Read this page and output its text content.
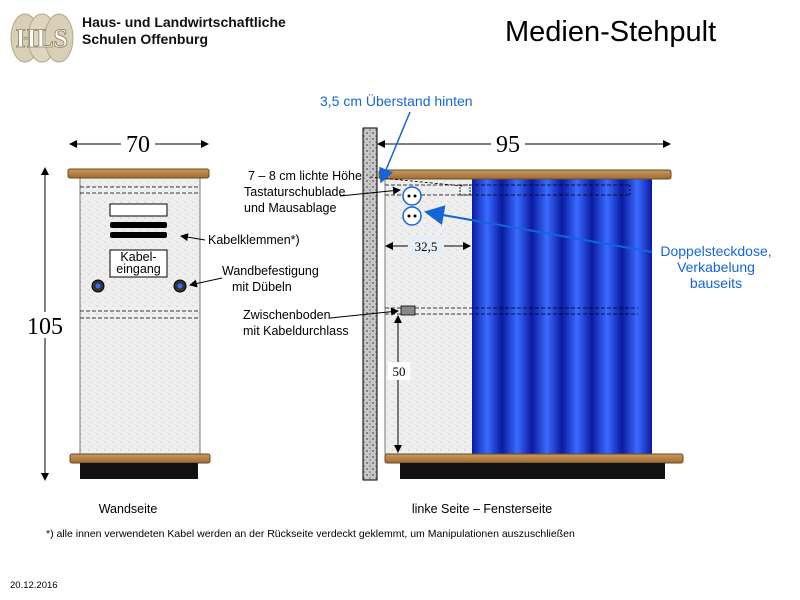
HLS
Haus- und Landwirtschaftliche
Schulen Offenburg	Medien-Stehpult
Kabel-
eingang
70
105
Wandseite
Kabelklemmen*)
Wandbefestigung
mit Dübeln
32,5
50
95
linke Seite – Fensterseite
7 – 8 cm lichte Höhe
Tastaturschublade
und Mausablage
Zwischenboden
mit Kabeldurchlass
3,5 cm Überstand hinten
Doppelsteckdose,
Verkabelung
bauseits
*) alle innen verwendeten Kabel werden an der Rückseite verdeckt geklemmt, um Manipulationen auszuschließen
20.12.2016
